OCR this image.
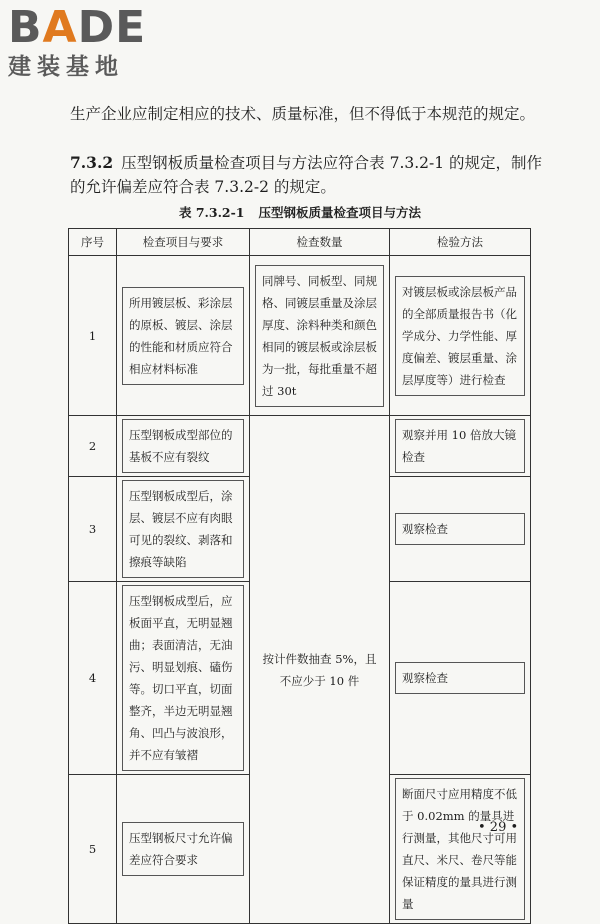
BADE
建装基地
生产企业应制定相应的技术、质量标准，但不得低于本规范的规定。
7.3.2 压型钢板质量检查项目与方法应符合表 7.3.2-1 的规定，制作的允许偏差应符合表 7.3.2-2 的规定。
表 7.3.2-1 压型钢板质量检查项目与方法
序号	检查项目与要求	检查数量	检验方法
1	所用镀层板、彩涂层的原板、镀层、涂层的性能和材质应符合相应材料标准	同牌号、同板型、同规格、同镀层重量及涂层厚度、涂料种类和颜色相同的镀层板或涂层板为一批，每批重量不超过 30t	对镀层板或涂层板产品的全部质量报告书（化学成分、力学性能、厚度偏差、镀层重量、涂层厚度等）进行检查

2	压型钢板成型部位的基板不应有裂纹	按计件数抽查 5%，且不应少于 10 件	观察并用 10 倍放大镜检查

3	压型钢板成型后，涂层、镀层不应有肉眼可见的裂纹、剥落和擦痕等缺陷		观察检查

4	压型钢板成型后，应板面平直，无明显翘曲；表面清洁，无油污、明显划痕、磕伤等。切口平直，切面整齐，半边无明显翘角、凹凸与波浪形，并不应有皱褶		观察检查

5	压型钢板尺寸允许偏差应符合要求		断面尺寸应用精度不低于 0.02mm 的量具进行测量，其他尺寸可用直尺、米尺、卷尺等能保证精度的量具进行测量
• 29 •
